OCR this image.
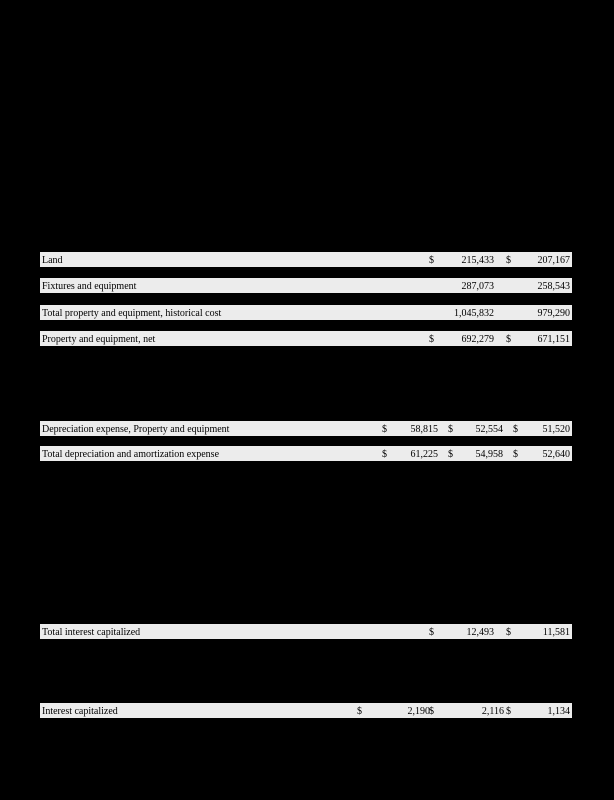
Land	$	215,433 $	207,167
Fixtures and equipment	287,073	258,543
Total property and equipment, historical cost	1,045,832	979,290
Property and equipment, net	$	692,279 $	671,151
Depreciation expense, Property and equipment	$ 58,815 $ 52,554 $ 51,520
Total depreciation and amortization expense	$ 61,225 $ 54,958 $ 52,640
Total interest capitalized	$	12,493 $	11,581
Interest capitalized	$	2,190 $	2,116 $	1,134
